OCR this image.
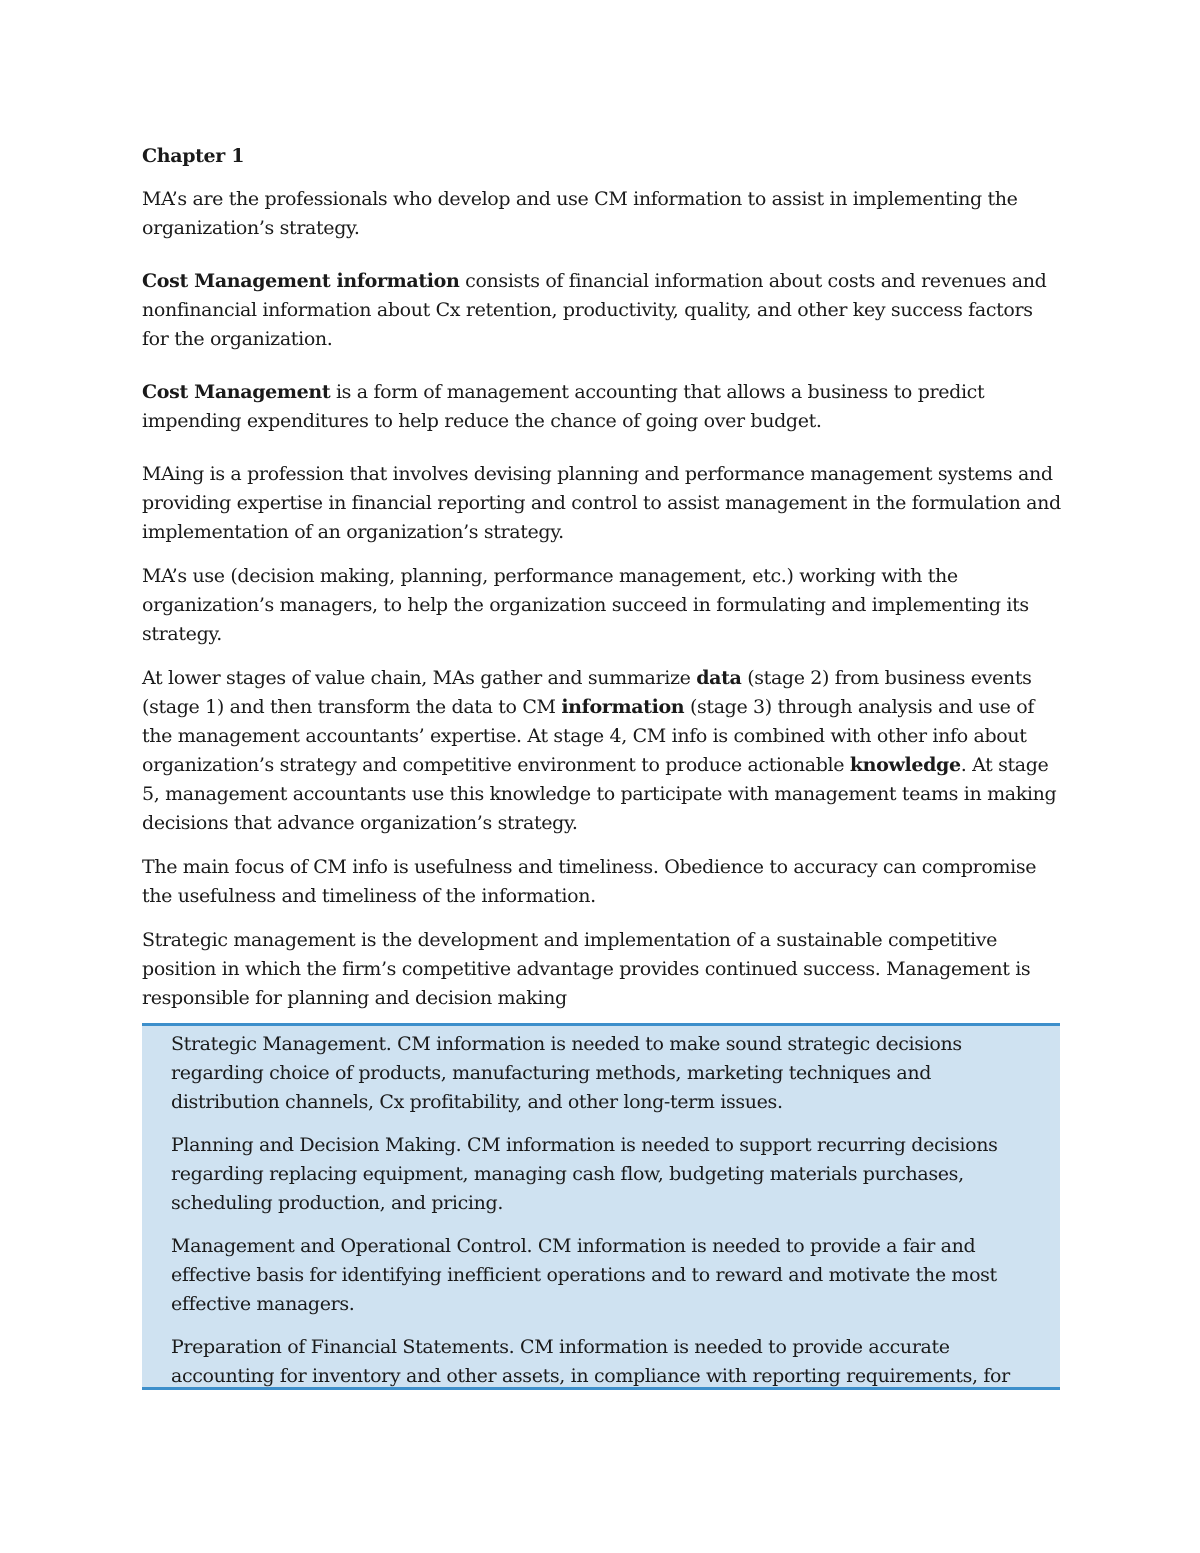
Chapter 1

MA’s are the professionals who develop and use CM information to assist in implementing the organization’s strategy.

Cost Management information consists of financial information about costs and revenues and nonfinancial information about Cx retention, productivity, quality, and other key success factors for the organization.

Cost Management is a form of management accounting that allows a business to predict impending expenditures to help reduce the chance of going over budget.

MAing is a profession that involves devising planning and performance management systems and providing expertise in financial reporting and control to assist management in the formulation and implementation of an organization’s strategy.

MA’s use (decision making, planning, performance management, etc.) working with the organization’s managers, to help the organization succeed in formulating and implementing its strategy.

At lower stages of value chain, MAs gather and summarize data (stage 2) from business events (stage 1) and then transform the data to CM information (stage 3) through analysis and use of the management accountants’ expertise. At stage 4, CM info is combined with other info about organization’s strategy and competitive environment to produce actionable knowledge. At stage 5, management accountants use this knowledge to participate with management teams in making decisions that advance organization’s strategy.

The main focus of CM info is usefulness and timeliness. Obedience to accuracy can compromise the usefulness and timeliness of the information.

Strategic management is the development and implementation of a sustainable competitive position in which the firm’s competitive advantage provides continued success. Management is responsible for planning and decision making

Strategic Management. CM information is needed to make sound strategic decisions regarding choice of products, manufacturing methods, marketing techniques and distribution channels, Cx profitability, and other long-term issues.

Planning and Decision Making. CM information is needed to support recurring decisions regarding replacing equipment, managing cash flow, budgeting materials purchases, scheduling production, and pricing.

Management and Operational Control. CM information is needed to provide a fair and effective basis for identifying inefficient operations and to reward and motivate the most effective managers.

Preparation of Financial Statements. CM information is needed to provide accurate accounting for inventory and other assets, in compliance with reporting requirements, for
